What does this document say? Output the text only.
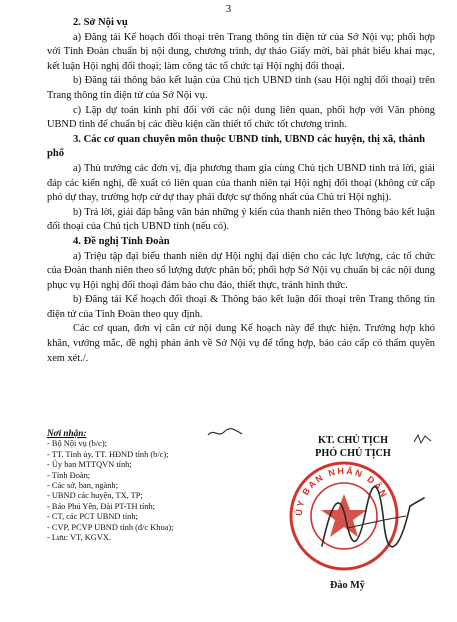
3
2. Sở Nội vụ

a) Đăng tải Kế hoạch đối thoại trên Trang thông tin điện tử của Sở Nội vụ; phối hợp với Tỉnh Đoàn chuẩn bị nội dung, chương trình, dự thảo Giấy mời, bài phát biểu khai mạc, kết luận Hội nghị đối thoại; làm công tác tổ chức tại Hội nghị đối thoại.

b) Đăng tải thông báo kết luận của Chủ tịch UBND tỉnh (sau Hội nghị đối thoại) trên Trang thông tin điện tử của Sở Nội vụ.

c) Lập dự toán kinh phí đối với các nội dung liên quan, phối hợp với Văn phòng UBND tỉnh để chuẩn bị các điều kiện cần thiết tổ chức tốt chương trình.

3. Các cơ quan chuyên môn thuộc UBND tỉnh, UBND các huyện, thị xã, thành phố

a) Thủ trưởng các đơn vị, địa phương tham gia cùng Chủ tịch UBND tỉnh trả lời, giải đáp các kiến nghị, đề xuất có liên quan của thanh niên tại Hội nghị đối thoại (không cử cấp phó dự thay, trường hợp cử dự thay phải được sự thống nhất của Chủ tri Hội nghị).

b) Trả lời, giải đáp bằng văn bản những ý kiến của thanh niên theo Thông báo kết luận đối thoại của Chủ tịch UBND tỉnh (nếu có).

4. Đề nghị Tỉnh Đoàn

a) Triệu tập đại biểu thanh niên dự Hội nghị đại diện cho các lực lượng, các tổ chức của Đoàn thanh niên theo số lượng được phân bổ; phối hợp Sở Nội vụ chuẩn bị các nội dung phục vụ Hội nghị đối thoại đảm bảo chu đáo, thiết thực, tránh hình thức.

b) Đăng tải Kế hoạch đối thoại & Thông báo kết luận đối thoại trên Trang thông tin điện tử của Tỉnh Đoàn theo quy định.

Các cơ quan, đơn vị căn cứ nội dung Kế hoạch này để thực hiện. Trường hợp khó khăn, vướng mắc, đề nghị phản ánh về Sở Nội vụ để tổng hợp, báo cáo cấp có thẩm quyền xem xét./.

Nơi nhận:
- Bộ Nội vụ (b/c);
- TT. Tỉnh ủy, TT. HĐND tỉnh (b/c);
- Ủy ban MTTQVN tỉnh;
- Tỉnh Đoàn;
- Các sở, ban, ngành;
- UBND các huyện, TX, TP;
- Báo Phú Yên, Đài PT-TH tỉnh;
- CT, các PCT UBND tỉnh;
- CVP, PCVP UBND tỉnh (đ/c Khoa);
- Lưu: VT, KGVX.
KT. CHỦ TỊCH
PHÓ CHỦ TỊCH
ỦY BAN NHÂN DÂN
Đào Mỹ
